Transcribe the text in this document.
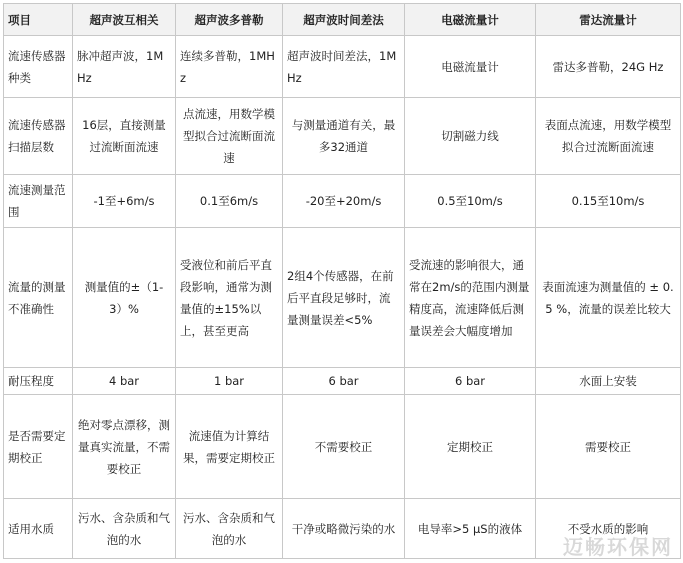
项目	超声波互相关	超声波多普勒	超声波时间差法	电磁流量计	雷达流量计
流速传感器种类	脉冲超声波，1MHz	连续多普勒，1MHz	超声波时间差法，1MHz	电磁流量计	雷达多普勒，24G Hz
流速传感器扫描层数	16层，直接测量过流断面流速	点流速，用数学模型拟合过流断面流速	与测量通道有关，最多32通道	切割磁力线	表面点流速，用数学模型拟合过流断面流速
流速测量范围	-1至+6m/s	0.1至6m/s	-20至+20m/s	0.5至10m/s	0.15至10m/s
流量的测量不准确性	测量值的±（1-3）%	受液位和前后平直段影响，通常为测量值的±15%以上，甚至更高	2组4个传感器，在前后平直段足够时，流量测量误差<5%	受流速的影响很大，通常在2m/s的范围内测量精度高，流速降低后测量误差会大幅度增加	表面流速为测量值的 ± 0.5 %，流量的误差比较大
耐压程度	4 bar	1 bar	6 bar	6 bar	水面上安装
是否需要定期校正	绝对零点漂移，测量真实流量，不需要校正	流速值为计算结果，需要定期校正	不需要校正	定期校正	需要校正
适用水质	污水、含杂质和气泡的水	污水、含杂质和气泡的水	干净或略微污染的水	电导率>5 μS的液体	不受水质的影响
迈畅环保网
